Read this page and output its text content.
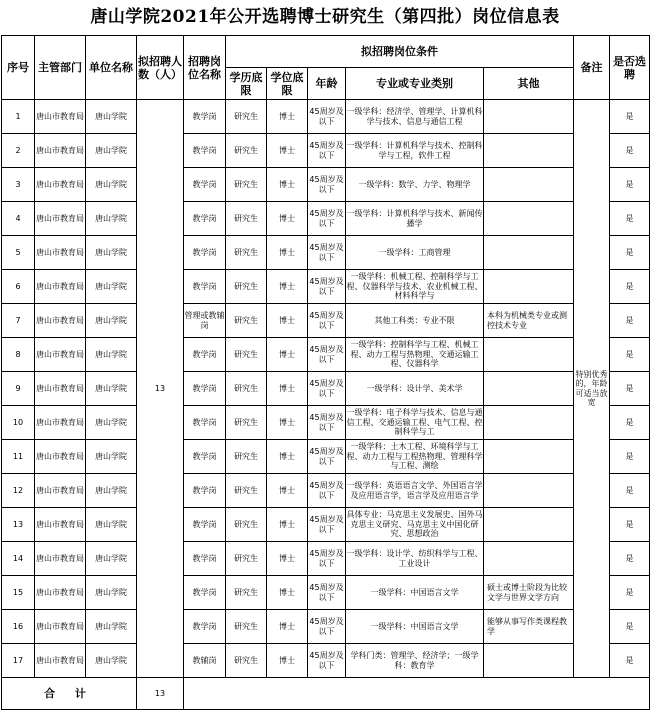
唐山学院2021年公开选聘博士研究生（第四批）岗位信息表
序号	主管部门	单位名称	拟招聘人数（人）	招聘岗位名称	拟招聘岗位条件					备注	是否选聘
					学历底限	学位底限	年龄	专业或专业类别	其他		

1	唐山市教育局	唐山学院	13	教学岗	研究生	博士	45周岁及以下	一级学科：经济学、管理学、计算机科学与技术、信息与通信工程		特别优秀的，年龄可适当放宽	是

2	唐山市教育局	唐山学院		教学岗	研究生	博士	45周岁及以下	一级学科：计算机科学与技术、控制科学与工程，软件工程			是

3	唐山市教育局	唐山学院		教学岗	研究生	博士	45周岁及以下	一级学科：数学、力学、物理学			是

4	唐山市教育局	唐山学院		教学岗	研究生	博士	45周岁及以下	一级学科：计算机科学与技术、新闻传播学			是

5	唐山市教育局	唐山学院		教学岗	研究生	博士	45周岁及以下	一级学科：工商管理			是

6	唐山市教育局	唐山学院		教学岗	研究生	博士	45周岁及以下	一级学科：机械工程、控制科学与工程、仪器科学与技术、农业机械工程、材料科学与			是

7	唐山市教育局	唐山学院		管理或教辅岗	研究生	博士	45周岁及以下	其他工科类：专业不限	本科为机械类专业或测控技术专业		是

8	唐山市教育局	唐山学院		教学岗	研究生	博士	45周岁及以下	一级学科：控制科学与工程、机械工程、动力工程与热物理、交通运输工程、仪器科学			是

9	唐山市教育局	唐山学院		教学岗	研究生	博士	45周岁及以下	一级学科：设计学、美术学			是

10	唐山市教育局	唐山学院		教学岗	研究生	博士	45周岁及以下	一级学科：电子科学与技术、信息与通信工程、交通运输工程、电气工程、控制科学与工			是

11	唐山市教育局	唐山学院		教学岗	研究生	博士	45周岁及以下	一级学科：土木工程、环境科学与工程、动力工程与工程热物理、管理科学与工程、测绘			是

12	唐山市教育局	唐山学院		教学岗	研究生	博士	45周岁及以下	一级学科：英语语言文学、外国语言学及应用语言学，语言学及应用语言学			是

13	唐山市教育局	唐山学院		教学岗	研究生	博士	45周岁及以下	具体专业：马克思主义发展史、国外马克思主义研究、马克思主义中国化研究、思想政治			是

14	唐山市教育局	唐山学院		教学岗	研究生	博士	45周岁及以下	一级学科：设计学、纺织科学与工程、工业设计			是

15	唐山市教育局	唐山学院		教学岗	研究生	博士	45周岁及以下	一级学科：中国语言文学	硕士或博士阶段为比较文学与世界文学方向		是

16	唐山市教育局	唐山学院		教学岗	研究生	博士	45周岁及以下	一级学科：中国语言文学	能够从事写作类课程教学		是

17	唐山市教育局	唐山学院		教辅岗	研究生	博士	45周岁及以下	学科门类：管理学、经济学；一级学科：教育学			是

合 计			13								
